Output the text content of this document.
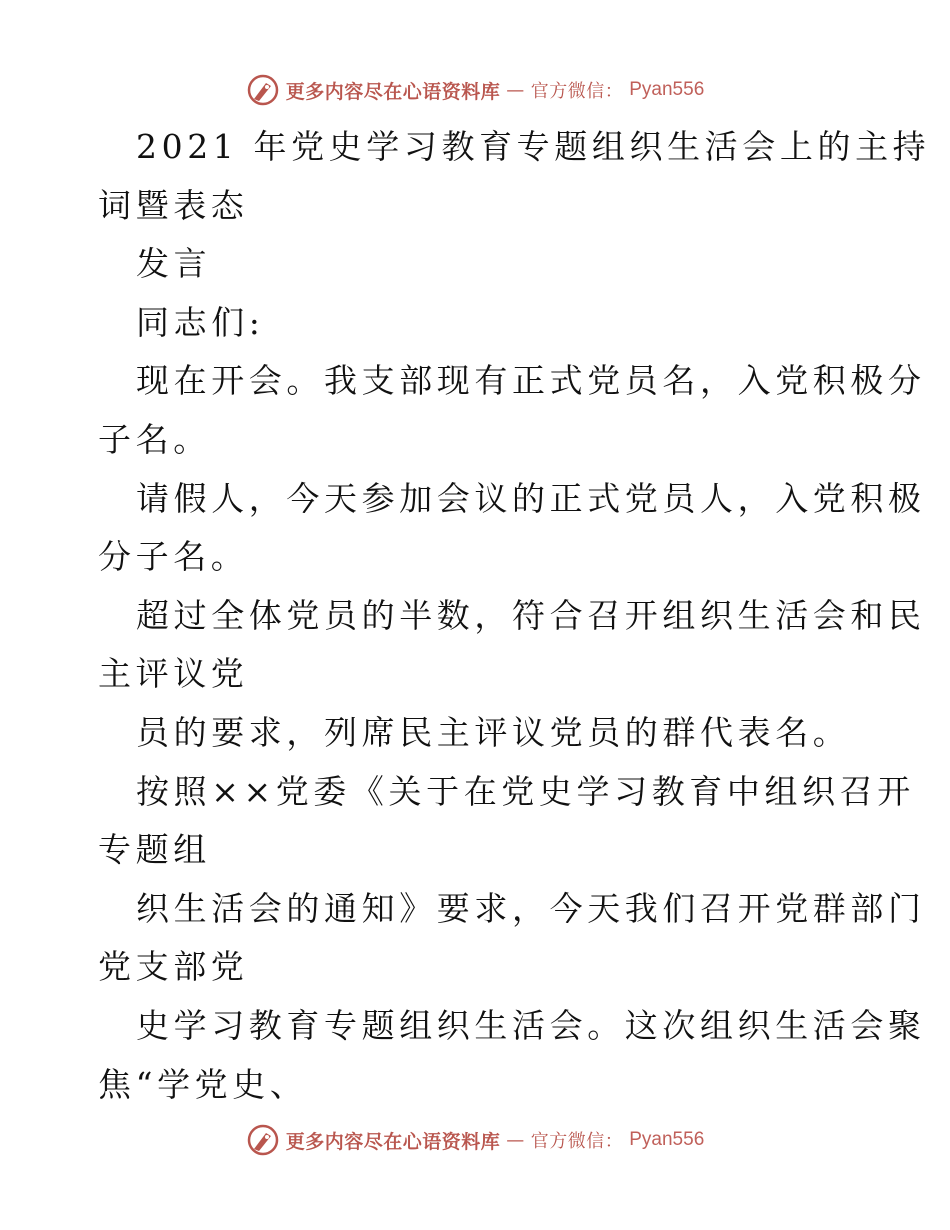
更多内容尽在心语资料库 — 官方微信： Pyan556
2021 年党史学习教育专题组织生活会上的主持
词暨表态
发言
同志们:
现在开会。我支部现有正式党员名，入党积极分
子名。
请假人，今天参加会议的正式党员人，入党积极
分子名。
超过全体党员的半数，符合召开组织生活会和民
主评议党
员的要求，列席民主评议党员的群代表名。
按照××党委《关于在党史学习教育中组织召开
专题组
织生活会的通知》要求，今天我们召开党群部门
党支部党
史学习教育专题组织生活会。这次组织生活会聚
焦“学党史、
更多内容尽在心语资料库 — 官方微信： Pyan556
